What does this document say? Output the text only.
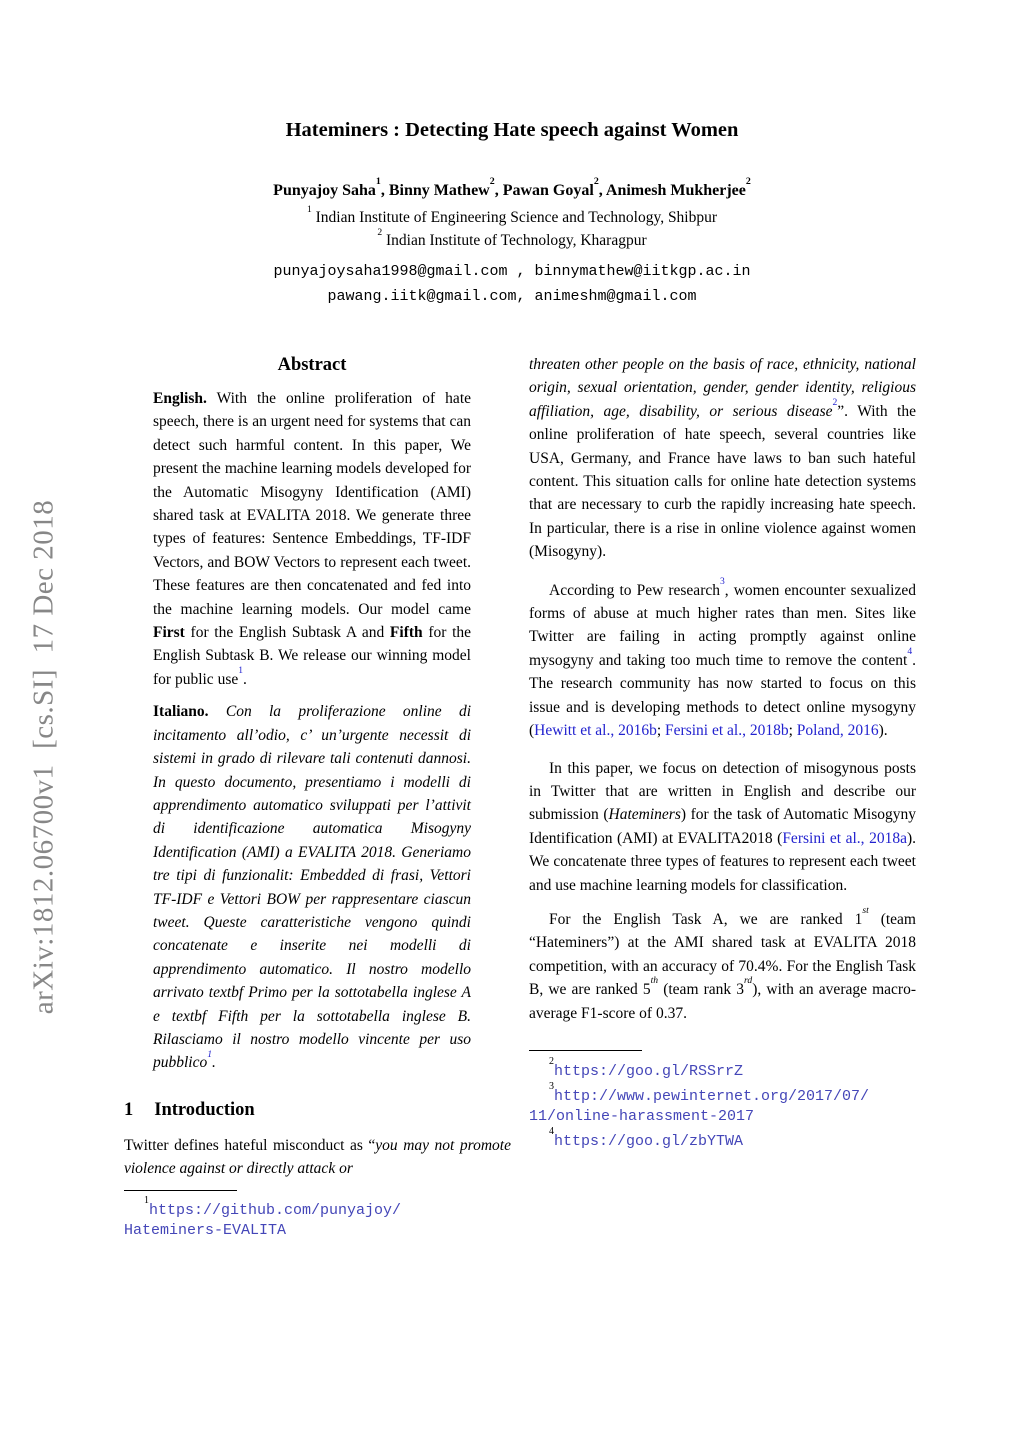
arXiv:1812.06700v1  [cs.SI]  17 Dec 2018
Hateminers : Detecting Hate speech against Women
Punyajoy Saha$^1$, Binny Mathew$^2$, Pawan Goyal$^2$, Animesh Mukherjee$^2$
$^1$ Indian Institute of Engineering Science and Technology, Shibpur
$^2$ Indian Institute of Technology, Kharagpur
punyajoysaha1998@gmail.com , binnymathew@iitkgp.ac.in
pawang.iitk@gmail.com, animeshm@gmail.com
Abstract

English. With the online proliferation of hate speech, there is an urgent need for systems that can detect such harmful content. In this paper, We present the machine learning models developed for the Automatic Misogyny Identification (AMI) shared task at EVALITA 2018. We generate three types of features: Sentence Embeddings, TF-IDF Vectors, and BOW Vectors to represent each tweet. These features are then concatenated and fed into the machine learning models. Our model came First for the English Subtask A and Fifth for the English Subtask B. We release our winning model for public use$^1$.

Italiano. Con la proliferazione online di incitamento all’odio, c’ un’urgente necessit di sistemi in grado di rilevare tali contenuti dannosi. In questo documento, presentiamo i modelli di apprendimento automatico sviluppati per l’attivit di identificazione automatica Misogyny Identification (AMI) a EVALITA 2018. Generiamo tre tipi di funzionalit: Embedded di frasi, Vettori TF-IDF e Vettori BOW per rappresentare ciascun tweet. Queste caratteristiche vengono quindi concatenate e inserite nei modelli di apprendimento automatico. Il nostro modello arrivato textbf Primo per la sottotabella inglese A e textbf Fifth per la sottotabella inglese B. Rilasciamo il nostro modello vincente per uso pubblico$^1$.

1 Introduction

Twitter defines hateful misconduct as “you may not promote violence against or directly attack or

$^1$https://github.com/punyajoy/Hateminers-EVALITA

threaten other people on the basis of race, ethnicity, national origin, sexual orientation, gender, gender identity, religious affiliation, age, disability, or serious disease$^2$”. With the online proliferation of hate speech, several countries like USA, Germany, and France have laws to ban such hateful content. This situation calls for online hate detection systems that are necessary to curb the rapidly increasing hate speech. In particular, there is a rise in online violence against women (Misogyny).

According to Pew research$^3$, women encounter sexualized forms of abuse at much higher rates than men. Sites like Twitter are failing in acting promptly against online mysogyny and taking too much time to remove the content$^4$. The research community has now started to focus on this issue and is developing methods to detect online mysogyny (Hewitt et al., 2016b; Fersini et al., 2018b; Poland, 2016).

In this paper, we focus on detection of misogynous posts in Twitter that are written in English and describe our submission (Hateminers) for the task of Automatic Misogyny Identification (AMI) at EVALITA2018 (Fersini et al., 2018a). We concatenate three types of features to represent each tweet and use machine learning models for classification.

For the English Task A, we are ranked 1st (team “Hateminers”) at the AMI shared task at EVALITA 2018 competition, with an accuracy of 70.4%. For the English Task B, we are ranked 5th (team rank 3rd), with an average macro-average F1-score of 0.37.

$^2$https://goo.gl/RSSrrZ

$^3$http://www.pewinternet.org/2017/07/11/online-harassment-2017

$^4$https://goo.gl/zbYTWA
